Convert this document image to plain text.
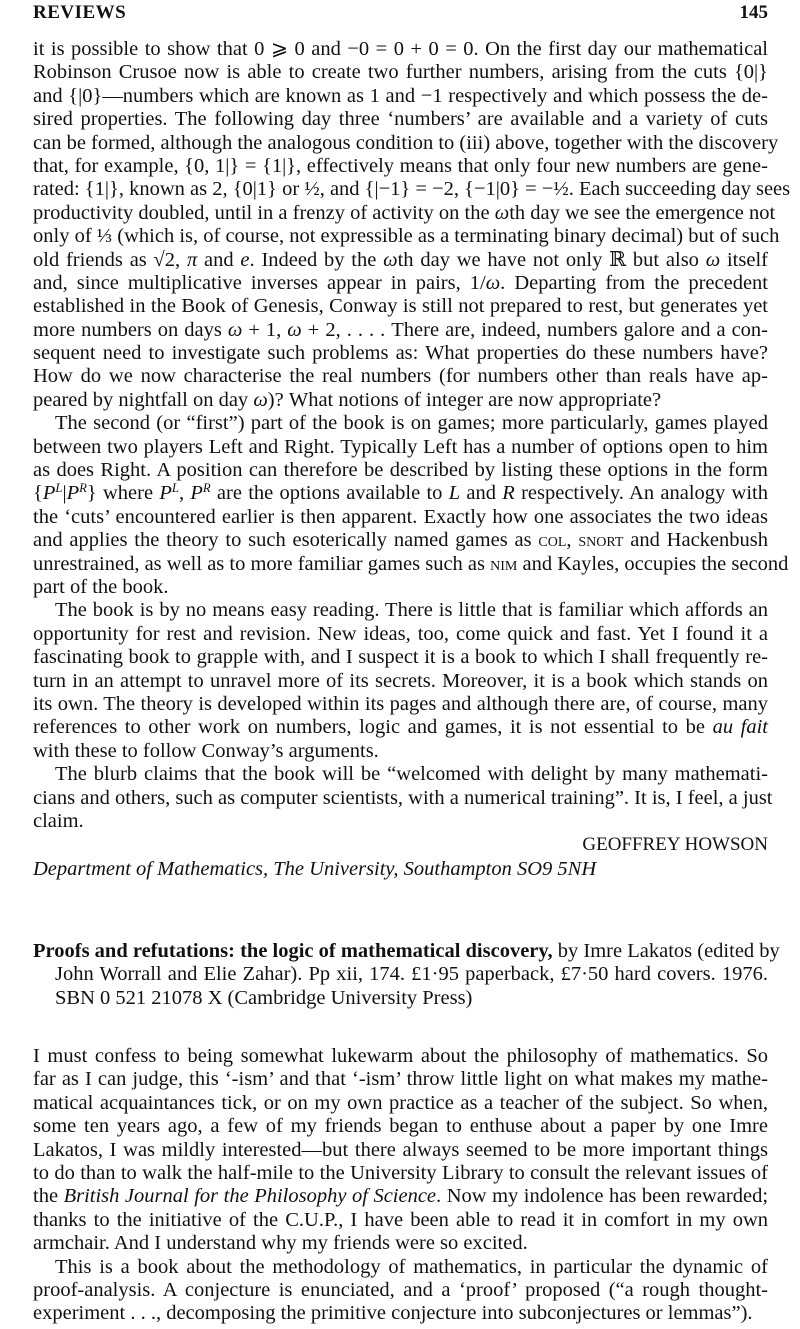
REVIEWS	145
it is possible to show that 0 ⩾ 0 and −0 = 0 + 0 = 0. On the first day our mathematical
Robinson Crusoe now is able to create two further numbers, arising from the cuts {0|}
and {|0}—numbers which are known as 1 and −1 respectively and which possess the de-
sired properties. The following day three ‘numbers’ are available and a variety of cuts
can be formed, although the analogous condition to (iii) above, together with the discovery
that, for example, {0, 1|} = {1|}, effectively means that only four new numbers are gene-
rated: {1|}, known as 2, {0|1} or ½, and {|−1} = −2, {−1|0} = −½. Each succeeding day sees
productivity doubled, until in a frenzy of activity on the ωth day we see the emergence not
only of ⅓ (which is, of course, not expressible as a terminating binary decimal) but of such
old friends as √2, π and e. Indeed by the ωth day we have not only ℝ but also ω itself
and, since multiplicative inverses appear in pairs, 1/ω. Departing from the precedent
established in the Book of Genesis, Conway is still not prepared to rest, but generates yet
more numbers on days ω + 1, ω + 2, . . . . There are, indeed, numbers galore and a con-
sequent need to investigate such problems as: What properties do these numbers have?
How do we now characterise the real numbers (for numbers other than reals have ap-
peared by nightfall on day ω)? What notions of integer are now appropriate?
The second (or “first”) part of the book is on games; more particularly, games played
between two players Left and Right. Typically Left has a number of options open to him
as does Right. A position can therefore be described by listing these options in the form
$\{P^L|P^R\}$ where $P^L$, $P^R$ are the options available to L and R respectively. An analogy with
the ‘cuts’ encountered earlier is then apparent. Exactly how one associates the two ideas
and applies the theory to such esoterically named games as col, snort and Hackenbush
unrestrained, as well as to more familiar games such as nim and Kayles, occupies the second
part of the book.
The book is by no means easy reading. There is little that is familiar which affords an
opportunity for rest and revision. New ideas, too, come quick and fast. Yet I found it a
fascinating book to grapple with, and I suspect it is a book to which I shall frequently re-
turn in an attempt to unravel more of its secrets. Moreover, it is a book which stands on
its own. The theory is developed within its pages and although there are, of course, many
references to other work on numbers, logic and games, it is not essential to be au fait
with these to follow Conway’s arguments.
The blurb claims that the book will be “welcomed with delight by many mathemati-
cians and others, such as computer scientists, with a numerical training”. It is, I feel, a just
claim.
GEOFFREY HOWSON
Department of Mathematics, The University, Southampton SO9 5NH
Proofs and refutations: the logic of mathematical discovery, by Imre Lakatos (edited by
John Worrall and Elie Zahar). Pp xii, 174. £1·95 paperback, £7·50 hard covers. 1976.
SBN 0 521 21078 X (Cambridge University Press)
I must confess to being somewhat lukewarm about the philosophy of mathematics. So
far as I can judge, this ‘-ism’ and that ‘-ism’ throw little light on what makes my mathe-
matical acquaintances tick, or on my own practice as a teacher of the subject. So when,
some ten years ago, a few of my friends began to enthuse about a paper by one Imre
Lakatos, I was mildly interested—but there always seemed to be more important things
to do than to walk the half-mile to the University Library to consult the relevant issues of
the British Journal for the Philosophy of Science. Now my indolence has been rewarded;
thanks to the initiative of the C.U.P., I have been able to read it in comfort in my own
armchair. And I understand why my friends were so excited.
This is a book about the methodology of mathematics, in particular the dynamic of
proof-analysis. A conjecture is enunciated, and a ‘proof’ proposed (“a rough thought-
experiment . . ., decomposing the primitive conjecture into subconjectures or lemmas”).
